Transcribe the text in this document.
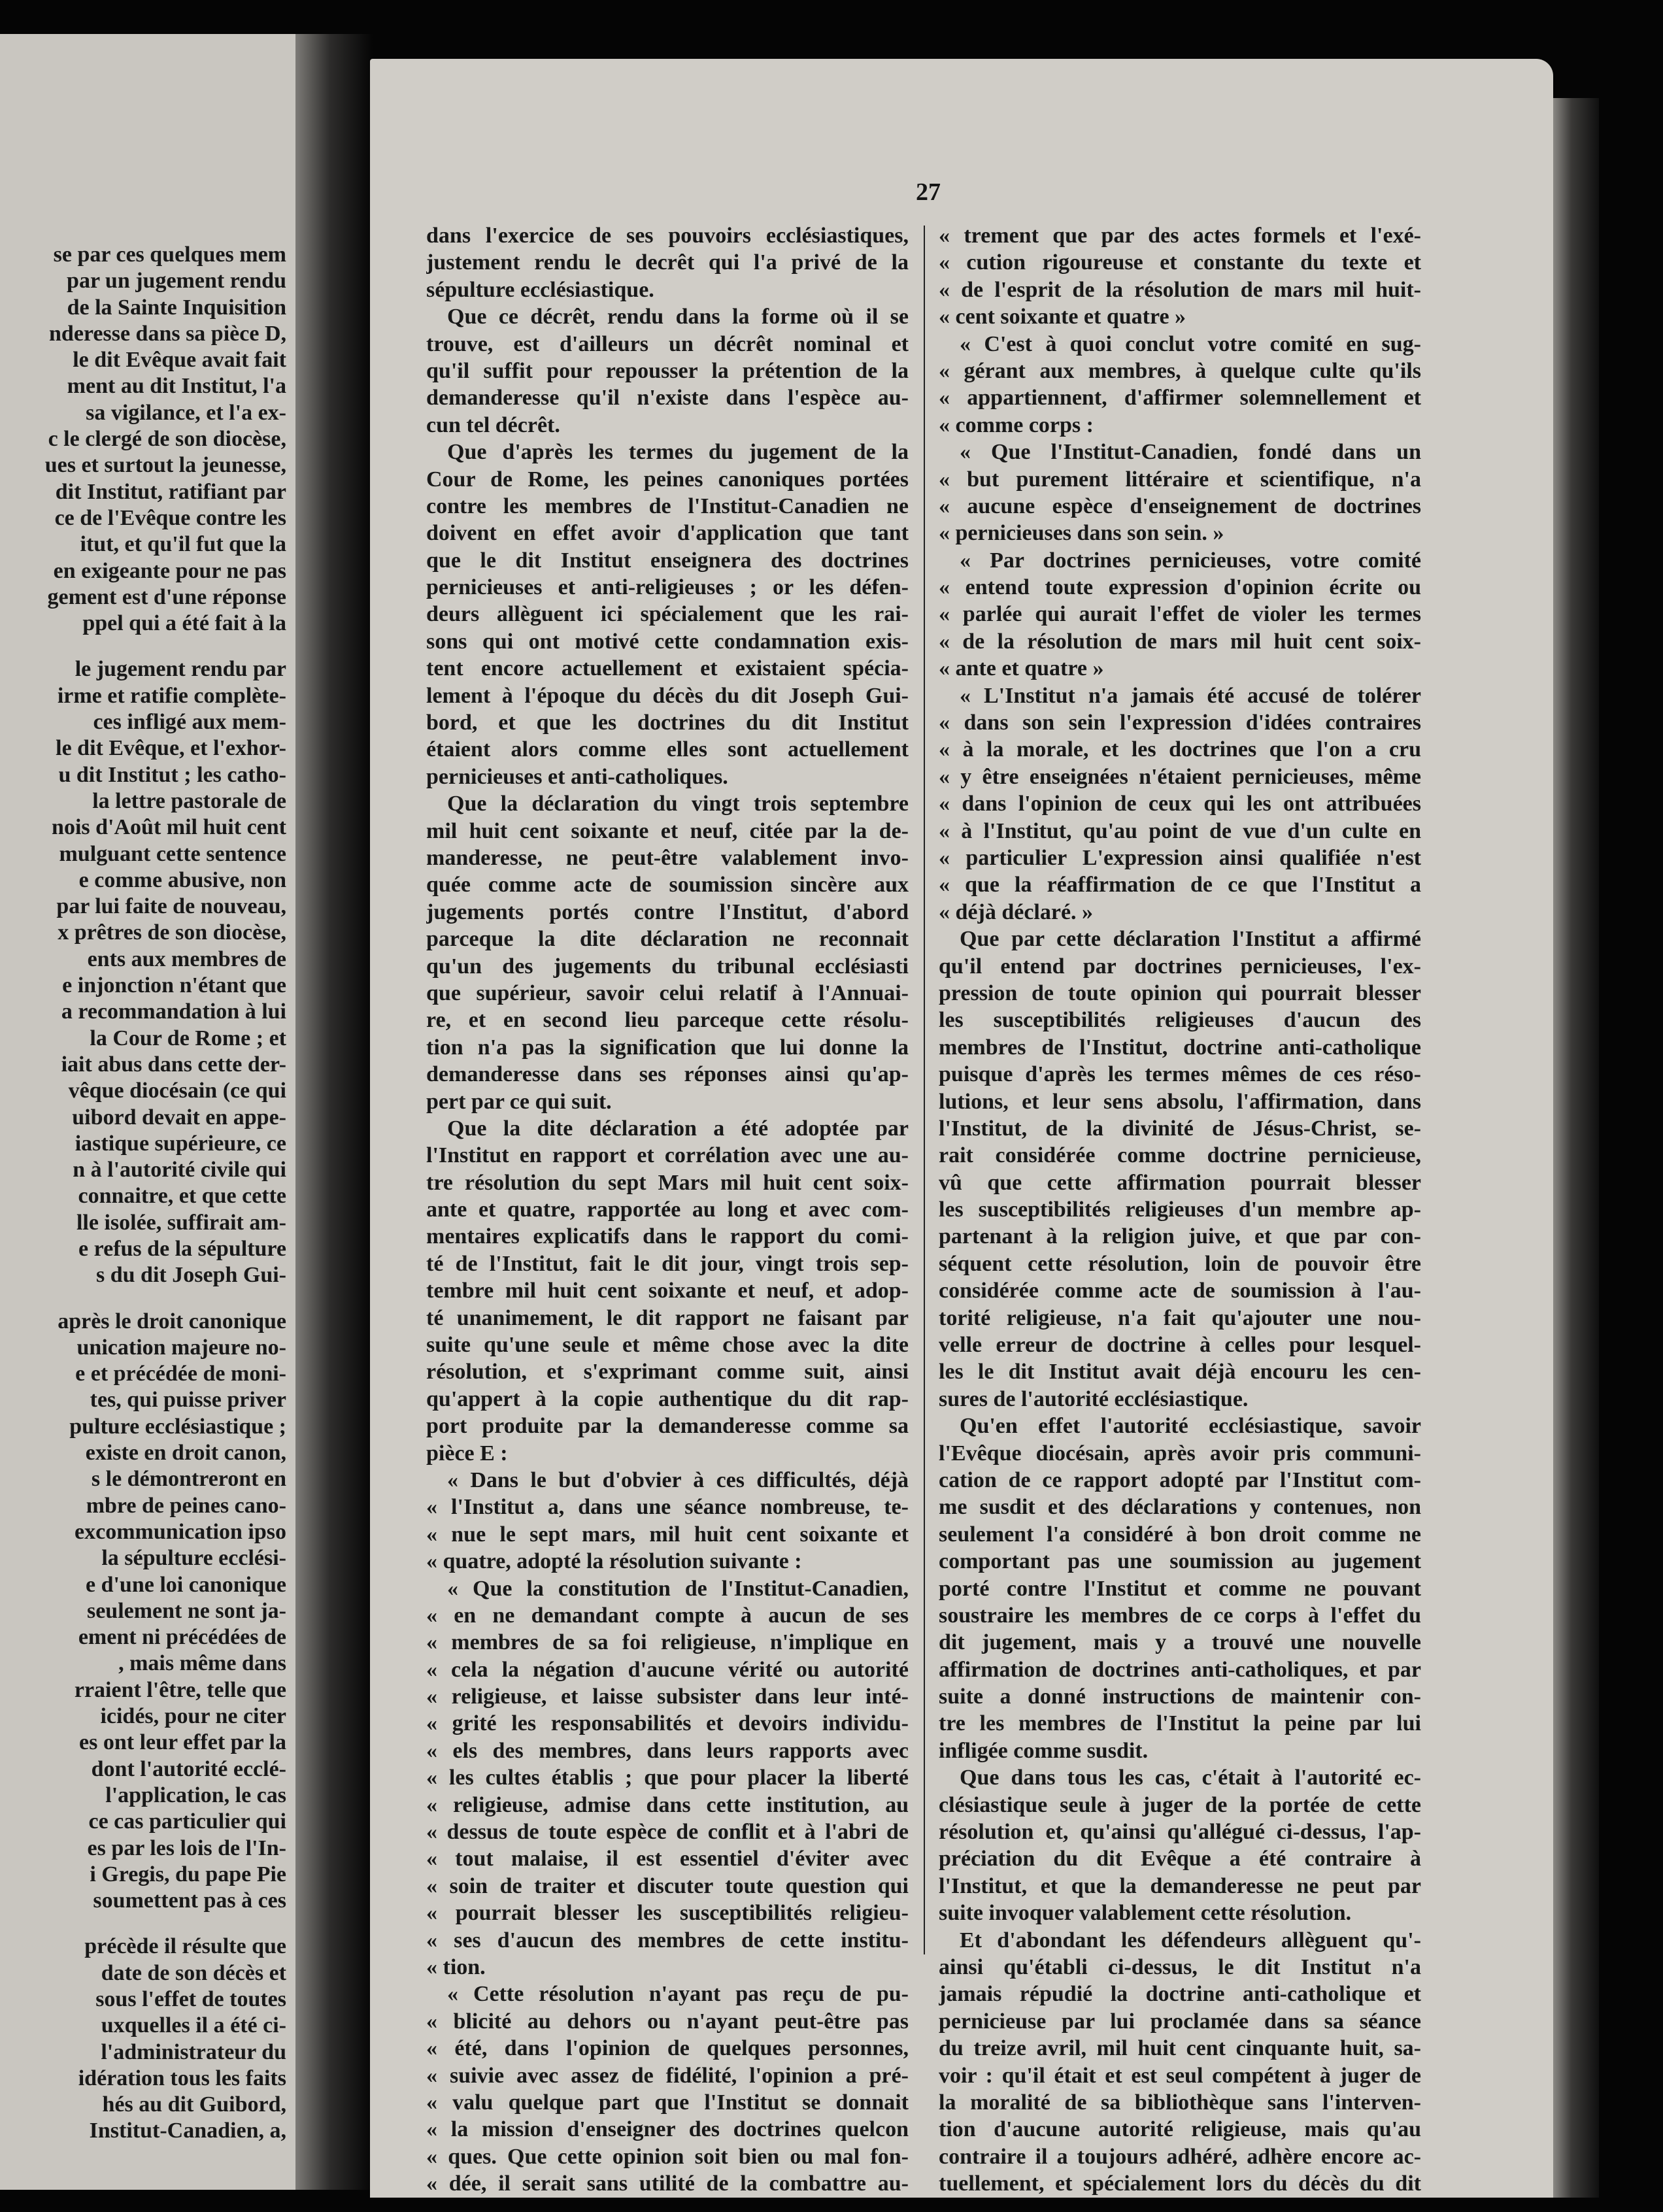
se par ces quelques mem
par un jugement rendu
de la Sainte Inquisition
nderesse dans sa pièce D,
le dit Evêque avait fait
ment au dit Institut, l'a
sa vigilance, et l'a ex-
c le clergé de son diocèse,
ues et surtout la jeunesse,
dit Institut, ratifiant par
ce de l'Evêque contre les
itut, et qu'il fut que la
en exigeante pour ne pas
gement est d'une réponse
ppel qui a été fait à la
le jugement rendu par
irme et ratifie complète-
ces infligé aux mem-
le dit Evêque, et l'exhor-
u dit Institut ; les catho-
la lettre pastorale de
nois d'Août mil huit cent
mulguant cette sentence
e comme abusive, non
par lui faite de nouveau,
x prêtres de son diocèse,
ents aux membres de
e injonction n'étant que
a recommandation à lui
la Cour de Rome ; et
iait abus dans cette der-
vêque diocésain (ce qui
uibord devait en appe-
iastique supérieure, ce
n à l'autorité civile qui
connaitre, et que cette
lle isolée, suffirait am-
e refus de la sépulture
s du dit Joseph Gui-
après le droit canonique
unication majeure no-
e et précédée de moni-
tes, qui puisse priver
pulture ecclésiastique ;
existe en droit canon,
s le démontreront en
mbre de peines cano-
excommunication ipso
la sépulture ecclési-
e d'une loi canonique
seulement ne sont ja-
ement ni précédées de
, mais même dans
rraient l'être, telle que
icidés, pour ne citer
es ont leur effet par la
dont l'autorité ecclé-
l'application, le cas
ce cas particulier qui
es par les lois de l'In-
i Gregis, du pape Pie
soumettent pas à ces
précède il résulte que
date de son décès et
sous l'effet de toutes
uxquelles il a été ci-
l'administrateur du
idération tous les faits
hés au dit Guibord,
Institut-Canadien, a,
27
dans l'exercice de ses pouvoirs ecclésiastiques,
justement rendu le decrêt qui l'a privé de la
sépulture ecclésiastique.
Que ce décrêt, rendu dans la forme où il se
trouve, est d'ailleurs un décrêt nominal et
qu'il suffit pour repousser la prétention de la
demanderesse qu'il n'existe dans l'espèce au-
cun tel décrêt.
Que d'après les termes du jugement de la
Cour de Rome, les peines canoniques portées
contre les membres de l'Institut-Canadien ne
doivent en effet avoir d'application que tant
que le dit Institut enseignera des doctrines
pernicieuses et anti-religieuses ; or les défen-
deurs allèguent ici spécialement que les rai-
sons qui ont motivé cette condamnation exis-
tent encore actuellement et existaient spécia-
lement à l'époque du décès du dit Joseph Gui-
bord, et que les doctrines du dit Institut
étaient alors comme elles sont actuellement
pernicieuses et anti-catholiques.
Que la déclaration du vingt trois septembre
mil huit cent soixante et neuf, citée par la de-
manderesse, ne peut-être valablement invo-
quée comme acte de soumission sincère aux
jugements portés contre l'Institut, d'abord
parceque la dite déclaration ne reconnait
qu'un des jugements du tribunal ecclésiasti
que supérieur, savoir celui relatif à l'Annuai-
re, et en second lieu parceque cette résolu-
tion n'a pas la signification que lui donne la
demanderesse dans ses réponses ainsi qu'ap-
pert par ce qui suit.
Que la dite déclaration a été adoptée par
l'Institut en rapport et corrélation avec une au-
tre résolution du sept Mars mil huit cent soix-
ante et quatre, rapportée au long et avec com-
mentaires explicatifs dans le rapport du comi-
té de l'Institut, fait le dit jour, vingt trois sep-
tembre mil huit cent soixante et neuf, et adop-
té unanimement, le dit rapport ne faisant par
suite qu'une seule et même chose avec la dite
résolution, et s'exprimant comme suit, ainsi
qu'appert à la copie authentique du dit rap-
port produite par la demanderesse comme sa
pièce E :
« Dans le but d'obvier à ces difficultés, déjà
« l'Institut a, dans une séance nombreuse, te-
« nue le sept mars, mil huit cent soixante et
« quatre, adopté la résolution suivante :
« Que la constitution de l'Institut-Canadien,
« en ne demandant compte à aucun de ses
« membres de sa foi religieuse, n'implique en
« cela la négation d'aucune vérité ou autorité
« religieuse, et laisse subsister dans leur inté-
« grité les responsabilités et devoirs individu-
« els des membres, dans leurs rapports avec
« les cultes établis ; que pour placer la liberté
« religieuse, admise dans cette institution, au
« dessus de toute espèce de conflit et à l'abri de
« tout malaise, il est essentiel d'éviter avec
« soin de traiter et discuter toute question qui
« pourrait blesser les susceptibilités religieu-
« ses d'aucun des membres de cette institu-
« tion.
« Cette résolution n'ayant pas reçu de pu-
« blicité au dehors ou n'ayant peut-être pas
« été, dans l'opinion de quelques personnes,
« suivie avec assez de fidélité, l'opinion a pré-
« valu quelque part que l'Institut se donnait
« la mission d'enseigner des doctrines quelcon
« ques. Que cette opinion soit bien ou mal fon-
« dée, il serait sans utilité de la combattre au-
« trement que par des actes formels et l'exé-
« cution rigoureuse et constante du texte et
« de l'esprit de la résolution de mars mil huit-
« cent soixante et quatre »
« C'est à quoi conclut votre comité en sug-
« gérant aux membres, à quelque culte qu'ils
« appartiennent, d'affirmer solemnellement et
« comme corps :
« Que l'Institut-Canadien, fondé dans un
« but purement littéraire et scientifique, n'a
« aucune espèce d'enseignement de doctrines
« pernicieuses dans son sein. »
« Par doctrines pernicieuses, votre comité
« entend toute expression d'opinion écrite ou
« parlée qui aurait l'effet de violer les termes
« de la résolution de mars mil huit cent soix-
« ante et quatre »
« L'Institut n'a jamais été accusé de tolérer
« dans son sein l'expression d'idées contraires
« à la morale, et les doctrines que l'on a cru
« y être enseignées n'étaient pernicieuses, même
« dans l'opinion de ceux qui les ont attribuées
« à l'Institut, qu'au point de vue d'un culte en
« particulier L'expression ainsi qualifiée n'est
« que la réaffirmation de ce que l'Institut a
« déjà déclaré. »
Que par cette déclaration l'Institut a affirmé
qu'il entend par doctrines pernicieuses, l'ex-
pression de toute opinion qui pourrait blesser
les susceptibilités religieuses d'aucun des
membres de l'Institut, doctrine anti-catholique
puisque d'après les termes mêmes de ces réso-
lutions, et leur sens absolu, l'affirmation, dans
l'Institut, de la divinité de Jésus-Christ, se-
rait considérée comme doctrine pernicieuse,
vû que cette affirmation pourrait blesser
les susceptibilités religieuses d'un membre ap-
partenant à la religion juive, et que par con-
séquent cette résolution, loin de pouvoir être
considérée comme acte de soumission à l'au-
torité religieuse, n'a fait qu'ajouter une nou-
velle erreur de doctrine à celles pour lesquel-
les le dit Institut avait déjà encouru les cen-
sures de l'autorité ecclésiastique.
Qu'en effet l'autorité ecclésiastique, savoir
l'Evêque diocésain, après avoir pris communi-
cation de ce rapport adopté par l'Institut com-
me susdit et des déclarations y contenues, non
seulement l'a considéré à bon droit comme ne
comportant pas une soumission au jugement
porté contre l'Institut et comme ne pouvant
soustraire les membres de ce corps à l'effet du
dit jugement, mais y a trouvé une nouvelle
affirmation de doctrines anti-catholiques, et par
suite a donné instructions de maintenir con-
tre les membres de l'Institut la peine par lui
infligée comme susdit.
Que dans tous les cas, c'était à l'autorité ec-
clésiastique seule à juger de la portée de cette
résolution et, qu'ainsi qu'allégué ci-dessus, l'ap-
préciation du dit Evêque a été contraire à
l'Institut, et que la demanderesse ne peut par
suite invoquer valablement cette résolution.
Et d'abondant les défendeurs allèguent qu'-
ainsi qu'établi ci-dessus, le dit Institut n'a
jamais répudié la doctrine anti-catholique et
pernicieuse par lui proclamée dans sa séance
du treize avril, mil huit cent cinquante huit, sa-
voir : qu'il était et est seul compétent à juger de
la moralité de sa bibliothèque sans l'interven-
tion d'aucune autorité religieuse, mais qu'au
contraire il a toujours adhéré, adhère encore ac-
tuellement, et spécialement lors du décès du dit
